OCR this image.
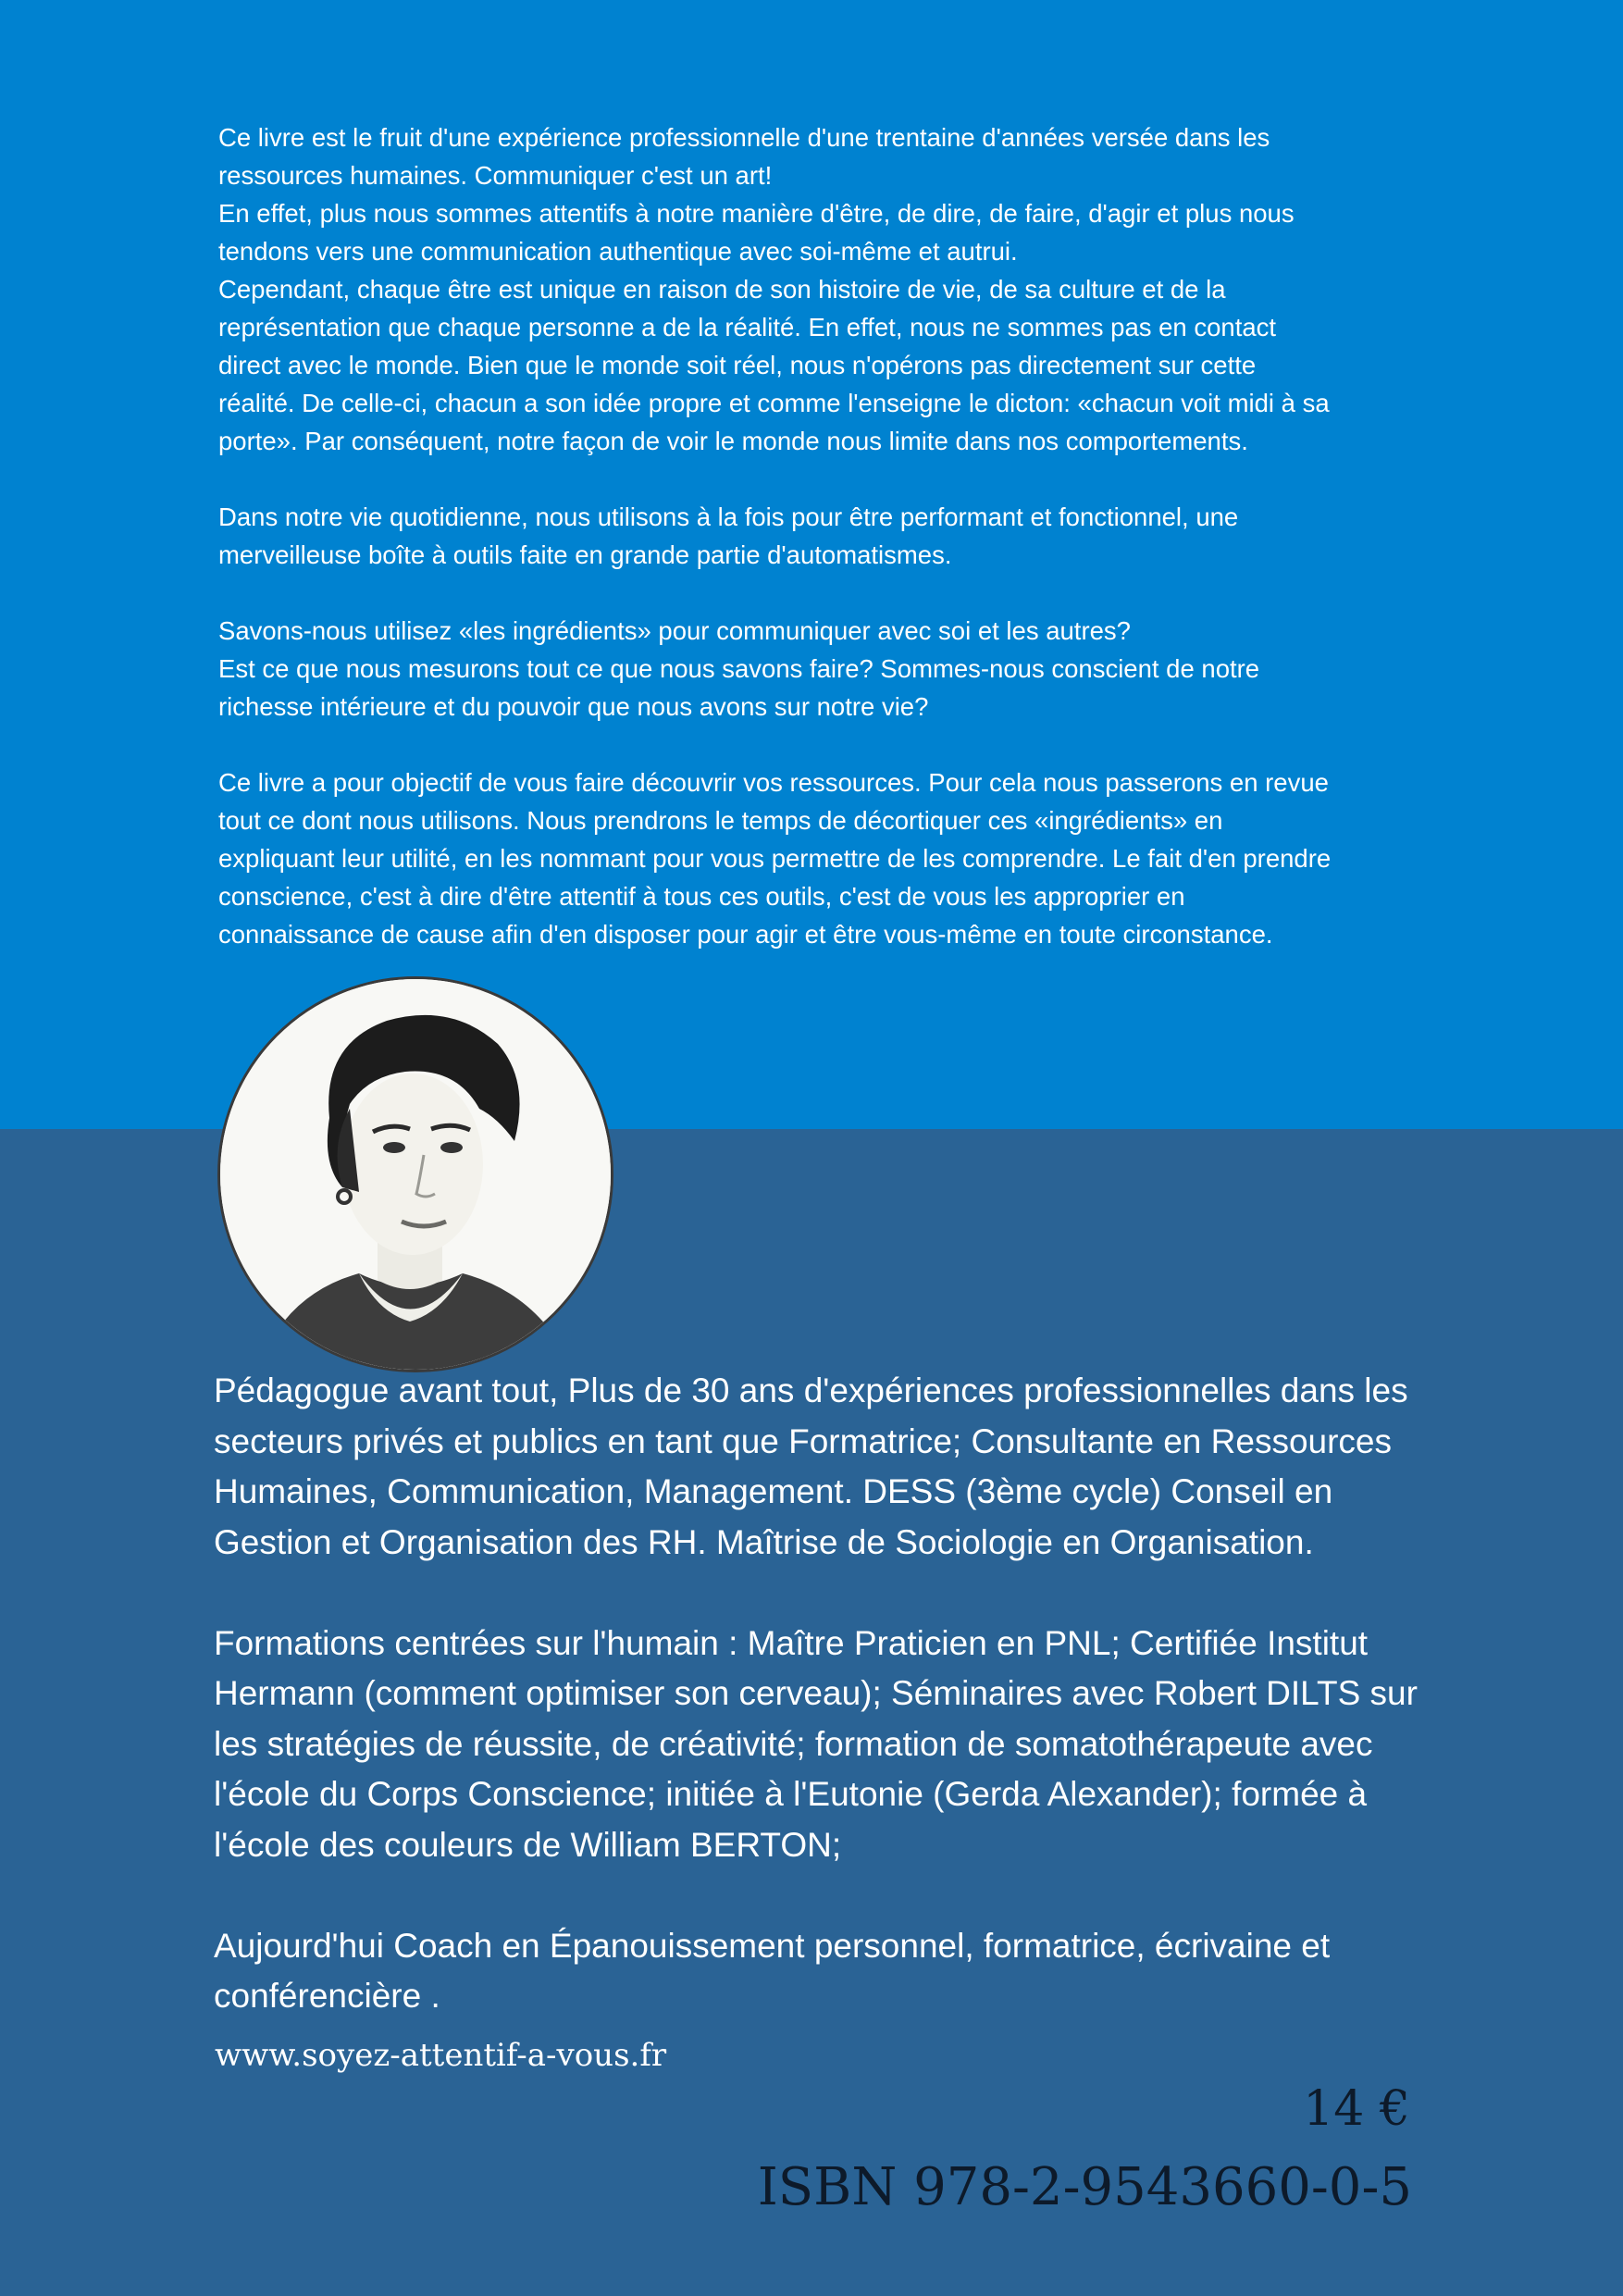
Ce livre est le fruit d'une expérience professionnelle d'une trentaine d'années versée dans les

ressources humaines. Communiquer c'est un art!

En effet, plus nous sommes attentifs à notre manière d'être, de dire, de faire, d'agir et plus nous

tendons vers une communication authentique avec soi-même et autrui.

Cependant, chaque être est unique en raison de son histoire de vie, de sa culture et de la

représentation que chaque personne a de la réalité. En effet, nous ne sommes pas en contact

direct avec le monde. Bien que le monde soit réel, nous n'opérons pas directement sur cette

réalité. De celle-ci, chacun a son idée propre et comme l'enseigne le dicton: «chacun voit midi à sa

porte». Par conséquent, notre façon de voir le monde nous limite dans nos comportements.

Dans notre vie quotidienne, nous utilisons à la fois pour être performant et fonctionnel, une

merveilleuse boîte à outils faite en grande partie d'automatismes.

Savons-nous utilisez «les ingrédients» pour communiquer avec soi et les autres?

Est ce que nous mesurons tout ce que nous savons faire? Sommes-nous conscient de notre

richesse intérieure et du pouvoir que nous avons sur notre vie?

Ce livre a pour objectif de vous faire découvrir vos ressources. Pour cela nous passerons en revue

tout ce dont nous utilisons. Nous prendrons le temps de décortiquer ces «ingrédients» en

expliquant leur utilité, en les nommant pour vous permettre de les comprendre. Le fait d'en prendre

conscience, c'est à dire d'être attentif à tous ces outils, c'est de vous les approprier en

connaissance de cause afin d'en disposer pour agir et être vous-même en toute circonstance.

Pédagogue avant tout, Plus de 30 ans d'expériences professionnelles dans les

secteurs privés et publics en tant que Formatrice; Consultante en Ressources

Humaines, Communication, Management. DESS (3ème cycle) Conseil en

Gestion et Organisation des RH. Maîtrise de Sociologie en Organisation.

Formations centrées sur l'humain : Maître Praticien en PNL; Certifiée Institut

Hermann (comment optimiser son cerveau); Séminaires avec Robert DILTS sur

les stratégies de réussite, de créativité; formation de somatothérapeute avec

l'école du Corps Conscience; initiée à l'Eutonie (Gerda Alexander); formée à

l'école des couleurs de William BERTON;

Aujourd'hui Coach en Épanouissement personnel, formatrice, écrivaine et

conférencière .

www.soyez-attentif-a-vous.fr
14 €
ISBN 978-2-9543660-0-5
